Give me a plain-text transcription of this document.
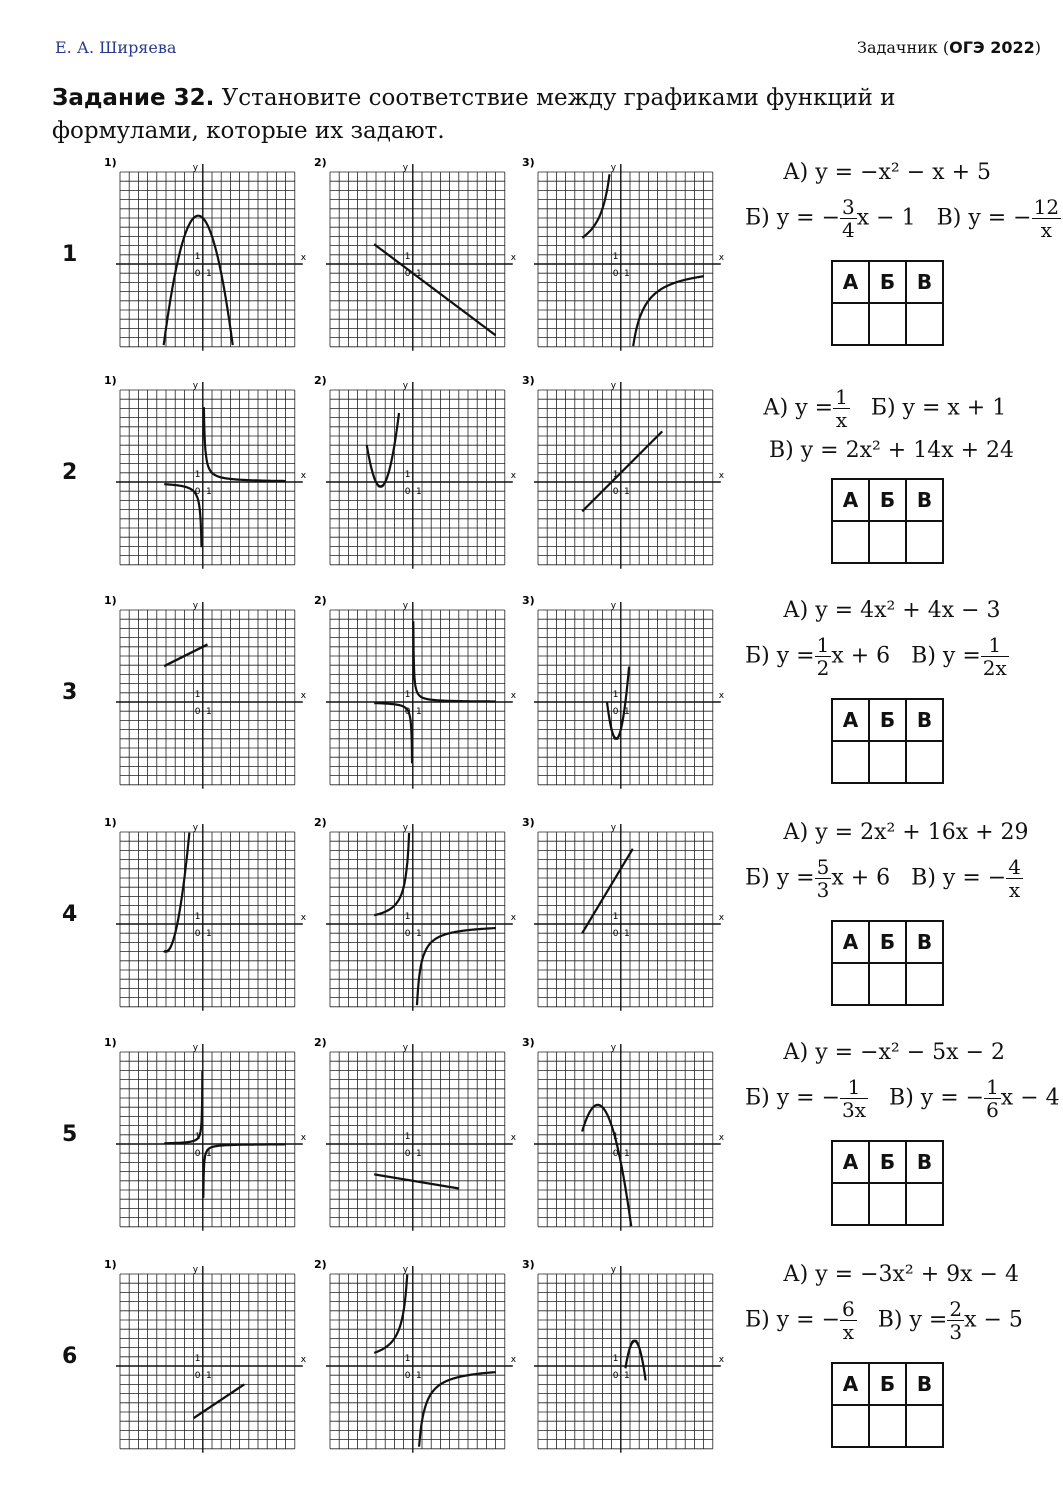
Е. А. Ширяева	Задачник (ОГЭ 2022)
Задание 32. Установите соответствие между графиками функций и формулами, которые их задают.
1
1)	y
x
0 1
1
2)	y
x
0 1
1
3)	y
x
0 1
1
А) y = −x² − x + 5
Б) y = − $\frac{3}{4}$ x − 1 В) y = − $\frac{12}{x}$
А	Б	В

2
1)	y
x
0 1
1
2)	y
x
0 1
1
3)	y
x
0 1
1
А) $y = \frac{1}{x} Б$) y = x + 1
В) y = 2x² + 14x + 24
А	Б	В

3
1)	y
x
0 1
1
2)	y
x
0 1
1
3)	y
x
0 1
1
А) y = 4x² + 4x − 3
Б) $y = \frac{1}{2}$ x + 6 В) $y = \frac{1}{2x}$
А	Б	В

4
1)	y
x
0 1
1
2)	y
x
0 1
1
3)	y
x
0 1
1
А) y = 2x² + 16x + 29
Б) $y = \frac{5}{3}$ x + 6 В) y = − $\frac{4}{x}$
А	Б	В

5
1)	y
x
0 1
1
2)	y
x
0 1
1
3)	y
x
0 1
1
А) y = −x² − 5x − 2
Б) y = − $\frac{1}{3x} В$) y = − $\frac{1}{6}$ x − 4
А	Б	В

6
1)	y
x
0 1
1
2)	y
x
0 1
1
3)	y
x
0 1
1
А) y = −3x² + 9x − 4
Б) y = − $\frac{6}{x} В$) $y = \frac{2}{3}$ x − 5
А	Б	В
